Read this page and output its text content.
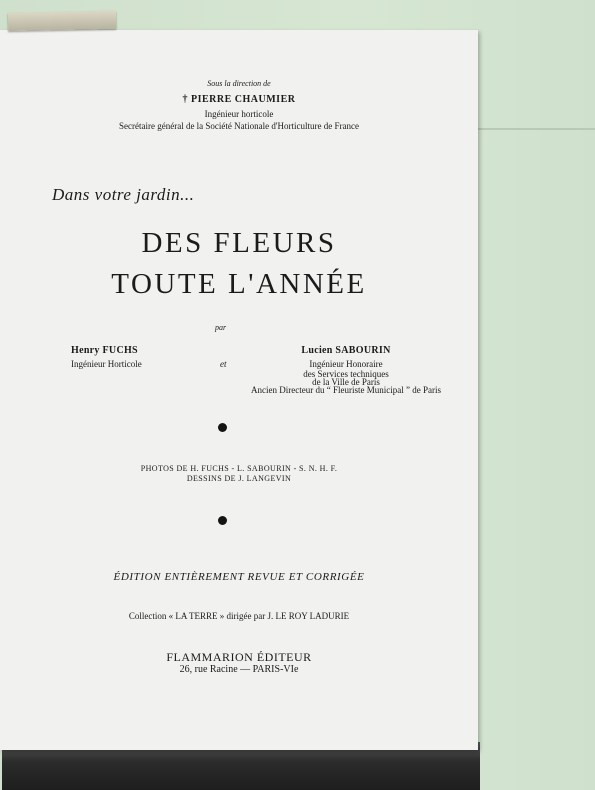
Sous la direction de
† PIERRE CHAUMIER
Ingénieur horticole
Secrétaire général de la Société Nationale d'Horticulture de France
Dans votre jardin...
DES FLEURS
TOUTE L'ANNÉE
par
Henry FUCHS
Ingénieur Horticole	et
Lucien SABOURIN
Ingénieur Honoraire
des Services techniques
de la Ville de Paris
Ancien Directeur du “ Fleuriste Municipal ” de Paris
PHOTOS DE H. FUCHS - L. SABOURIN - S. N. H. F.
DESSINS DE J. LANGEVIN
ÉDITION ENTIÈREMENT REVUE ET CORRIGÉE
Collection « LA TERRE » dirigée par J. LE ROY LADURIE
FLAMMARION ÉDITEUR
26, rue Racine — PARIS-VIe
